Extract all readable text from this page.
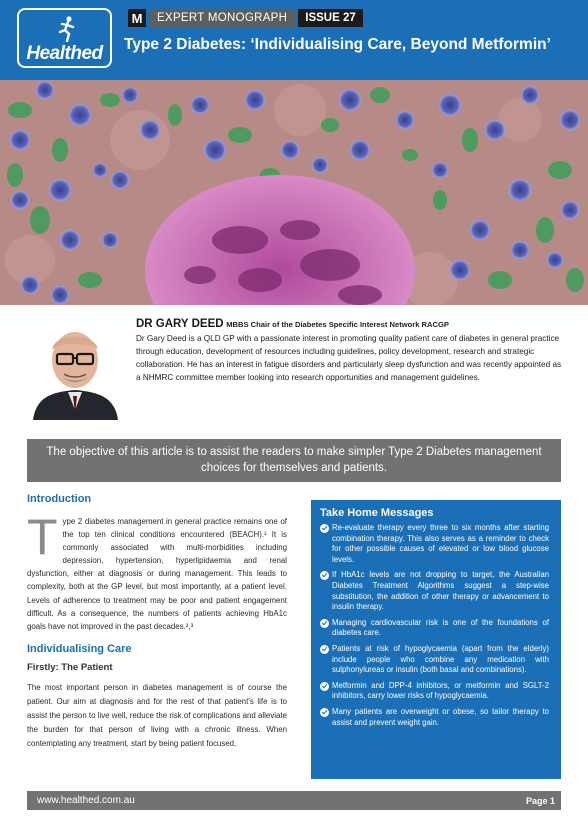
Healthed
M	EXPERT MONOGRAPH	ISSUE 27
Type 2 Diabetes: ‘Individualising Care, Beyond Metformin’
DR GARY DEED MBBS Chair of the Diabetes Specific Interest Network RACGP
Dr Gary Deed is a QLD GP with a passionate interest in promoting quality patient care of diabetes in general practice through education, development of resources including guidelines, policy development, research and strategic collaboration. He has an interest in fatigue disorders and particularly sleep dysfunction and was recently appointed as a NHMRC committee member looking into research opportunities and management guidelines.
The objective of this article is to assist the readers to make simpler Type 2 Diabetes management choices for themselves and patients.
Introduction
T ype 2 diabetes management in general practice remains one of the top ten clinical conditions encountered (BEACH).¹ It is commonly associated with multi-morbidities including depression, hypertension, hyperlipidaemia and renal dysfunction, either at diagnosis or during management. This leads to complexity, both at the GP level, but most importantly, at a patient level. Levels of adherence to treatment may be poor and patient engagement difficult. As a consequence, the numbers of patients achieving HbA1c goals have not improved in the past decades.²,³
Individualising Care
Firstly: The Patient
The most important person in diabetes management is of course the patient. Our aim at diagnosis and for the rest of that patient’s life is to assist the person to live well, reduce the risk of complications and alleviate the burden for that person of living with a chronic illness. When contemplating any treatment, start by being patient focused,
Take Home Messages
Re-evaluate therapy every three to six months after starting combination therapy. This also serves as a reminder to check for other possible causes of elevated or low blood glucose levels.
If HbA1c levels are not dropping to target, the Australian Diabetes Treatment Algorithms suggest a step-wise substitution, the addition of other therapy or advancement to insulin therapy.
Managing cardiovascular risk is one of the foundations of diabetes care.
Patients at risk of hypoglycaemia (apart from the elderly) include people who combine any medication with sulphonylureas or insulin (both basal and combinations).
Metformin and DPP-4 inhibitors, or metformin and SGLT-2 inhibitors, carry lower risks of hypoglycaemia.
Many patients are overweight or obese, so tailor therapy to assist and prevent weight gain.
www.healthed.com.au	Page 1
